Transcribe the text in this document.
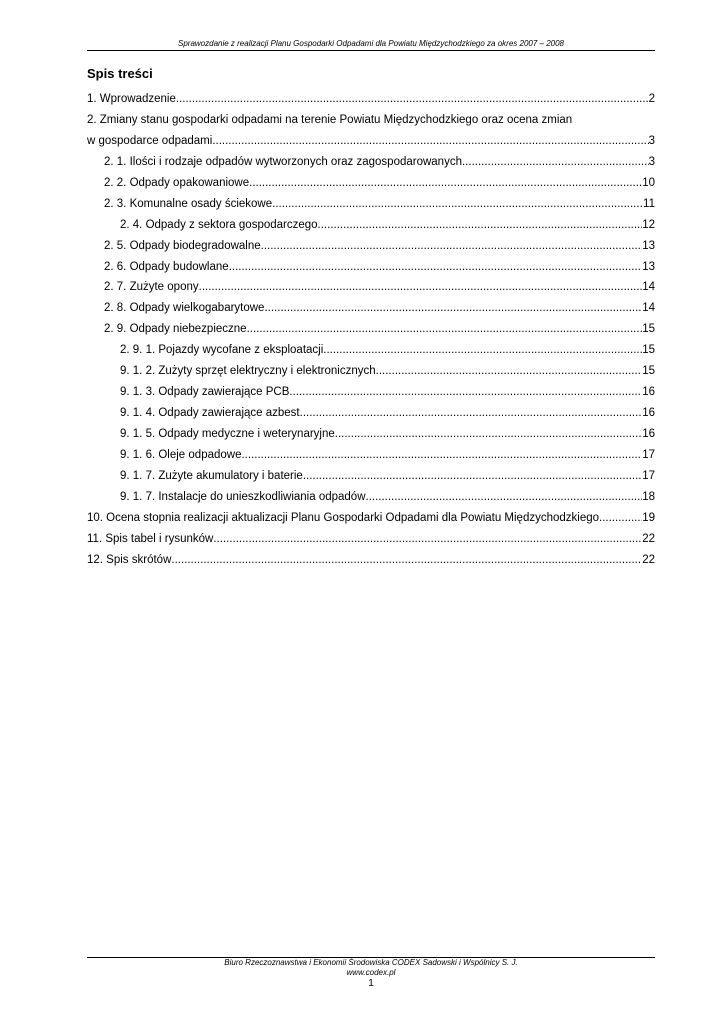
Sprawozdanie z realizacji Planu Gospodarki Odpadami dla Powiatu Międzychodzkiego za okres 2007 – 2008
Spis treści
1. Wprowadzenie .....	2
2. Zmiany stanu gospodarki odpadami na terenie Powiatu Międzychodzkiego oraz ocena zmian
w gospodarce odpadami .....	3
2. 1. Ilości i rodzaje odpadów wytworzonych oraz zagospodarowanych .....	3
2. 2. Odpady opakowaniowe .....	10
2. 3. Komunalne osady ściekowe .....	11
2. 4. Odpady z sektora gospodarczego .....	12
2. 5. Odpady biodegradowalne .....	13
2. 6. Odpady budowlane .....	13
2. 7. Zużyte opony .....	14
2. 8. Odpady wielkogabarytowe .....	14
2. 9. Odpady niebezpieczne .....	15
2. 9. 1. Pojazdy wycofane z eksploatacji .....	15
9. 1. 2. Zużyty sprzęt elektryczny i elektronicznych .....	15
9. 1. 3. Odpady zawierające PCB .....	16
9. 1. 4. Odpady zawierające azbest .....	16
9. 1. 5. Odpady medyczne i weterynaryjne .....	16
9. 1. 6. Oleje odpadowe .....	17
9. 1. 7. Zużyte akumulatory i baterie .....	17
9. 1. 7. Instalacje do unieszkodliwiania odpadów .....	18
10. Ocena stopnia realizacji aktualizacji Planu Gospodarki Odpadami dla Powiatu Międzychodzkiego .....	19
11. Spis tabel i rysunków .....	22
12. Spis skrótów .....	22
Biuro Rzeczoznawstwa i Ekonomii Środowiska CODEX Sadowski i Wspólnicy S. J.
www.codex.pl
1
